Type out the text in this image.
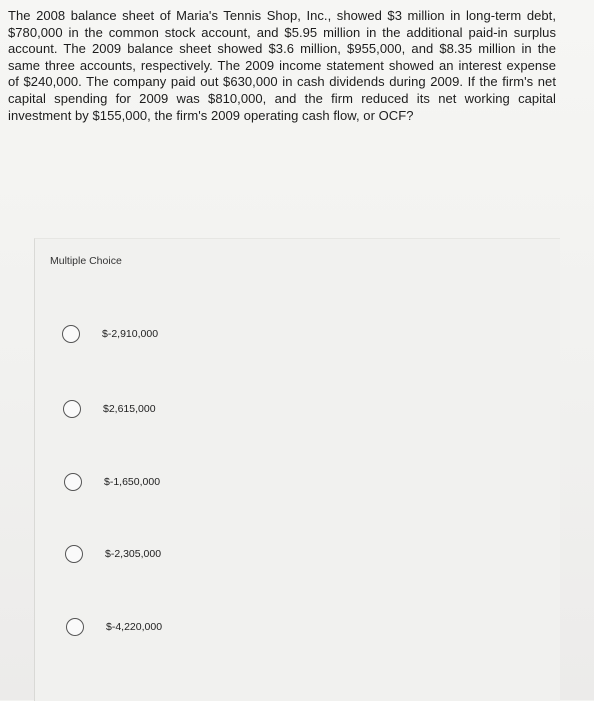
The 2008 balance sheet of Maria's Tennis Shop, Inc., showed $3 million in long-term debt, $780,000 in the common stock account, and $5.95 million in the additional paid-in surplus account. The 2009 balance sheet showed $3.6 million, $955,000, and $8.35 million in the same three accounts, respectively. The 2009 income statement showed an interest expense of $240,000. The company paid out $630,000 in cash dividends during 2009. If the firm's net capital spending for 2009 was $810,000, and the firm reduced its net working capital investment by $155,000, the firm's 2009 operating cash flow, or OCF?
Multiple Choice
$-2,910,000
$2,615,000
$-1,650,000
$-2,305,000
$-4,220,000
